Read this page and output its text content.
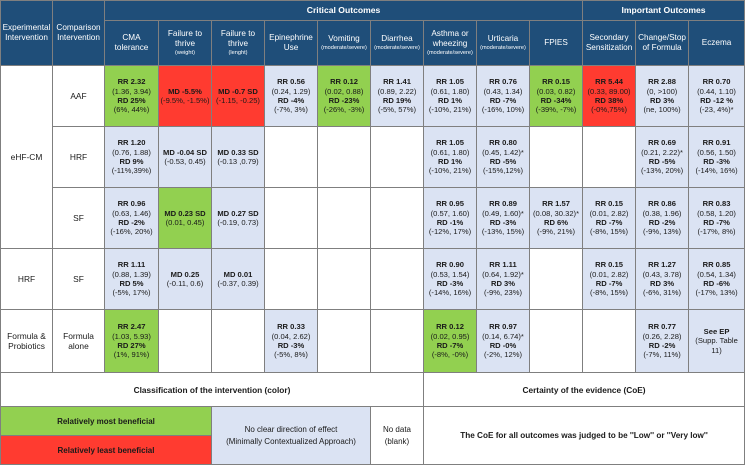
Experimental Intervention	Comparison Intervention	Critical Outcomes									Important Outcomes		

		CMA tolerance	Failure to thrive
(weight)	Failure to thrive
(lenght)	Epinephrine Use	Vomiting
(moderate/severe)	Diarrhea
(moderate/severe)	Asthma or wheezing
(moderate/severe)	Urticaria
(moderate/severe)	FPIES	Secondary Sensitization	Change/Stop of Formula	Eczema

eHF-CM	AAF	RR 2.32
(1.36, 3.94)
RD 25%
(6%, 44%)	MD -5.5%
(-9.5%, -1.5%)	MD -0.7 SD
(-1.15, -0.25)	RR 0.56
(0.24, 1.29)
RD -4%
(-7%, 3%)	RR 0.12
(0.02, 0.88)
RD -23%
(-26%, -3%)	RR 1.41
(0.89, 2.22)
RD 19%
(-5%, 57%)	RR 1.05
(0.61, 1.80)
RD 1%
(-10%, 21%)	RR 0.76
(0.43, 1.34)
RD -7%
(-16%, 10%)	RR 0.15
(0.03, 0.82)
RD -34%
(-39%, -7%)	RR 5.44
(0.33, 89.00)
RD 38%
(-0%,75%)	RR 2.88
(0, >100)
RD 3%
(ne, 100%)	RR 0.70
(0.44, 1.10)
RD -12 %
(-23, 4%)*
	HRF	RR 1.20
(0.76, 1.88)
RD 9%
(-11%,39%)	MD -0.04 SD
(-0.53, 0.45)	MD 0.33 SD
(-0.13 ,0.79)				RR 1.05
(0.61, 1.80)
RD 1%
(-10%, 21%)	RR 0.80
(0.45, 1.42)*
RD -5%
(-15%,12%)			RR 0.69
(0.21, 2.22)*
RD -5%
(-13%, 20%)	RR 0.91
(0.56, 1.50)
RD -3%
(-14%, 16%)
	SF	RR 0.96
(0.63, 1.46)
RD -2%
(-16%, 20%)	MD 0.23 SD
(0.01, 0.45)	MD 0.27 SD
(-0.19, 0.73)				RR 0.95
(0.57, 1.60)
RD -1%
(-12%, 17%)	RR 0.89
(0.49, 1.60)*
RD -3%
(-13%, 15%)	RR 1.57
(0.08, 30.32)*
RD 6%
(-9%, 21%)	RR 0.15
(0.01, 2.82)
RD -7%
(-8%, 15%)	RR 0.86
(0.38, 1.96)
RD -2%
(-9%, 13%)	RR 0.83
(0.58, 1.20)
RD -7%
(-17%, 8%)
HRF	SF	RR 1.11
(0.88, 1.39)
RD 5%
(-5%, 17%)	MD 0.25
(-0.11, 0.6)	MD 0.01
(-0.37, 0.39)				RR 0.90
(0.53, 1.54)
RD -3%
(-14%, 16%)	RR 1.11
(0.64, 1.92)*
RD 3%
(-9%, 23%)		RR 0.15
(0.01, 2.82)
RD -7%
(-8%, 15%)	RR 1.27
(0.43, 3.78)
RD 3%
(-6%, 31%)	RR 0.85
(0.54, 1.34)
RD -6%
(-17%, 13%)
Formula & Probiotics	Formula alone	RR 2.47
(1.03, 5.93)
RD 27%
(1%, 91%)			RR 0.33
(0.04, 2.62)
RD -3%
(-5%, 8%)			RR 0.12
(0.02, 0.95)
RD -7%
(-8%, -0%)	RR 0.97
(0.14, 6.74)*
RD -0%
(-2%, 12%)			RR 0.77
(0.26, 2.28)
RD -2%
(-7%, 11%)	See EP
(Supp. Table 11)
Classification of the intervention (color)								Certainty of the evidence (CoE)					
Relatively most beneficial				No clear direction of effect

(Minimally Contextualized Approach)			No data
(blank)	The CoE for all outcomes was judged to be ''Low'' or ''Very low''					
Relatively least beneficial													
